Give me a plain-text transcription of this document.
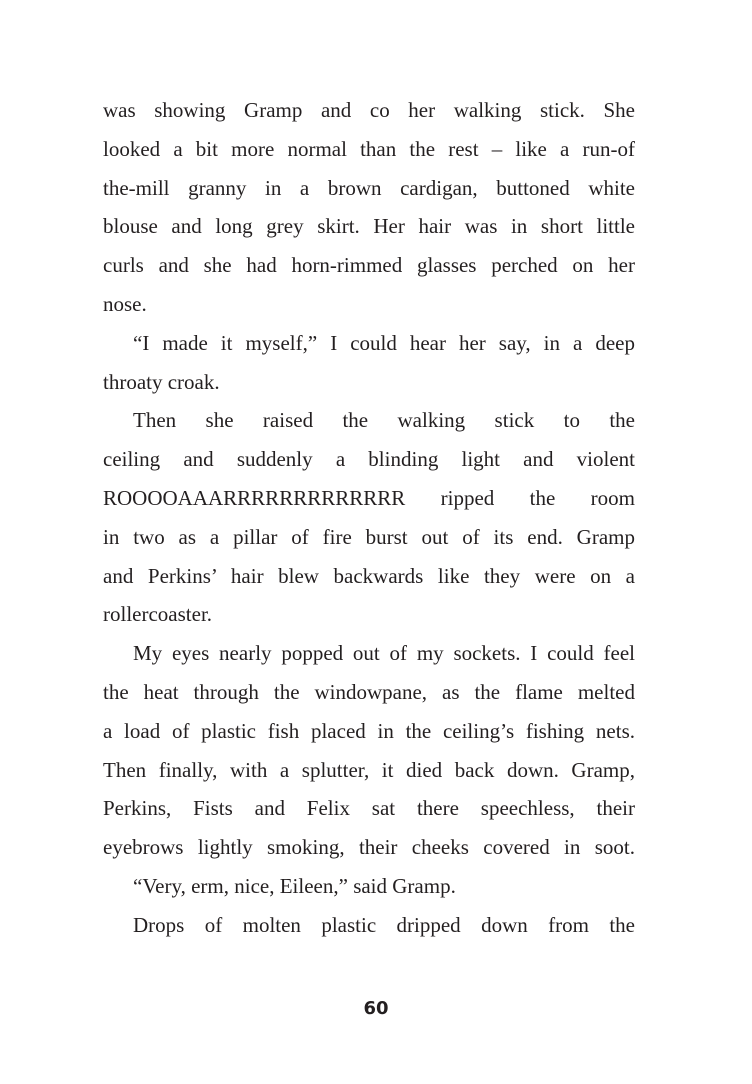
was showing Gramp and co her walking stick. She
looked a bit more normal than the rest – like a run-of
the-mill granny in a brown cardigan, buttoned white
blouse and long grey skirt. Her hair was in short little
curls and she had horn-rimmed glasses perched on her
nose.
“I made it myself,” I could hear her say, in a deep
throaty croak.
Then she raised the walking stick to the
ceiling and suddenly a blinding light and violent
ROOOOAAARRRRRRRRRRRRR ripped the room
in two as a pillar of fire burst out of its end. Gramp
and Perkins’ hair blew backwards like they were on a
rollercoaster.
My eyes nearly popped out of my sockets. I could feel
the heat through the windowpane, as the flame melted
a load of plastic fish placed in the ceiling’s fishing nets.
Then finally, with a splutter, it died back down. Gramp,
Perkins, Fists and Felix sat there speechless, their
eyebrows lightly smoking, their cheeks covered in soot.
“Very, erm, nice, Eileen,” said Gramp.
Drops of molten plastic dripped down from the
60
